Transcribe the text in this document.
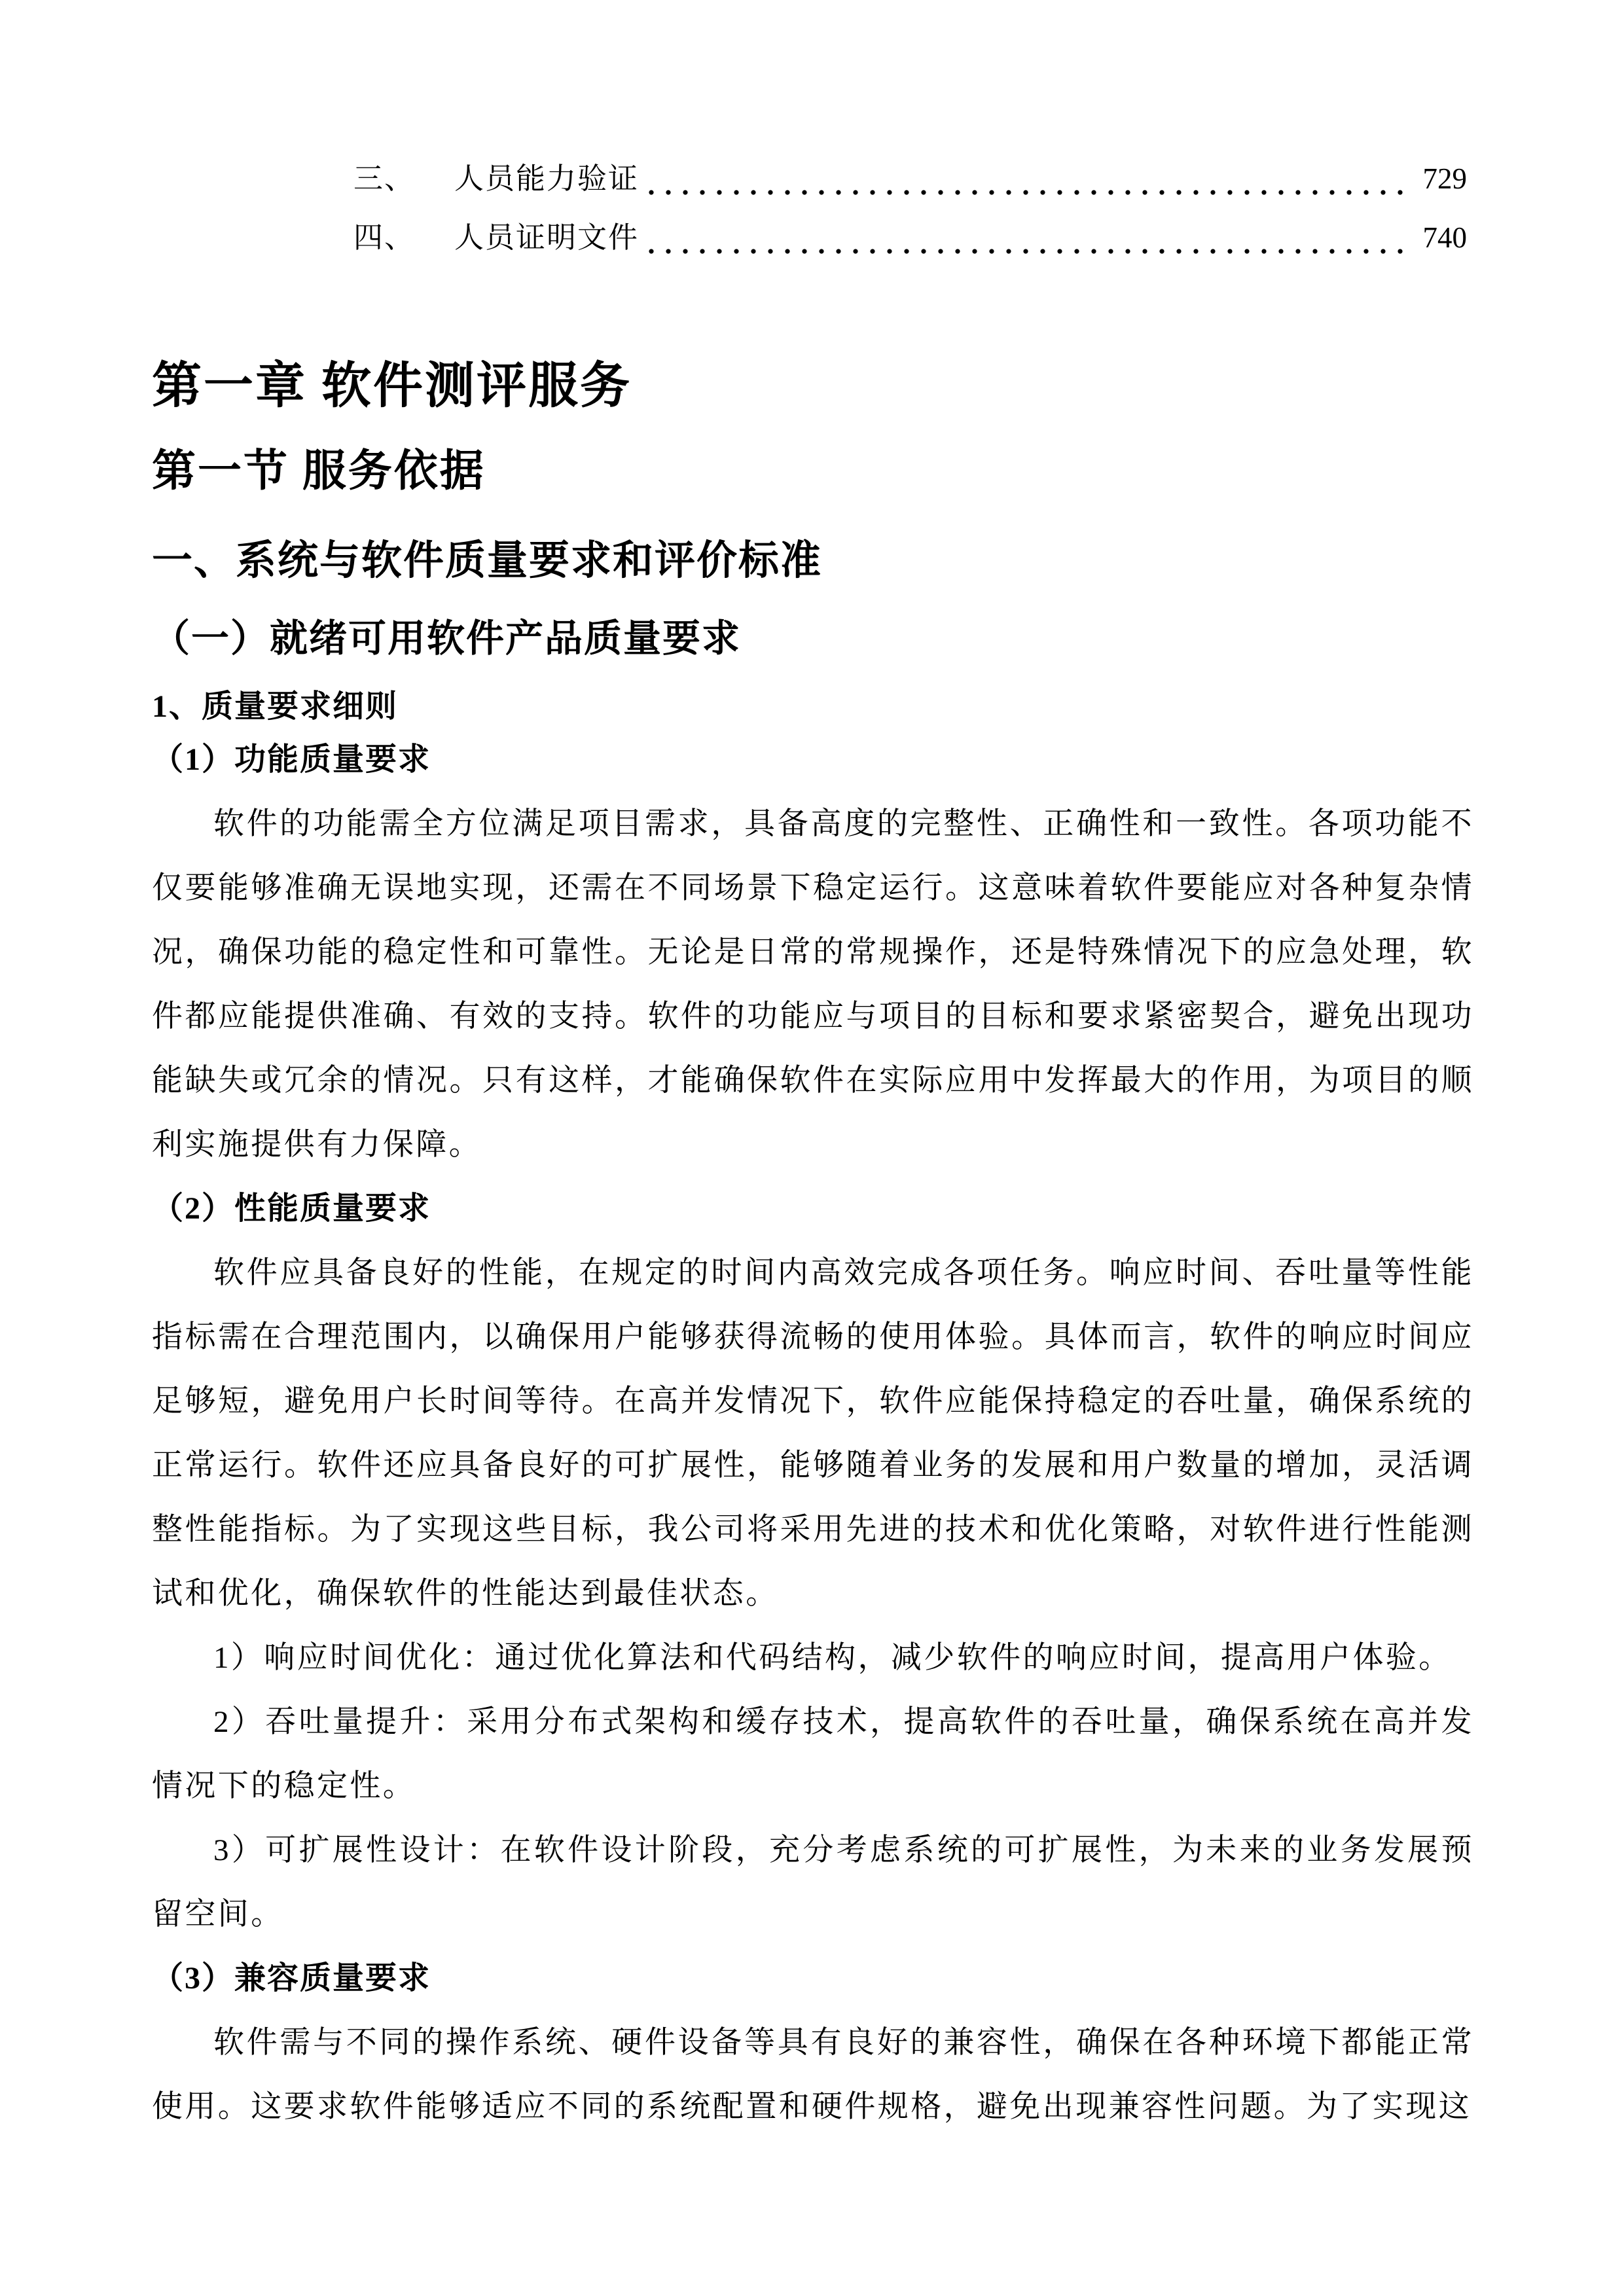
三、 人员能力验证	729
四、 人员证明文件	740
第一章 软件测评服务
第一节 服务依据
一、系统与软件质量要求和评价标准
（一）就绪可用软件产品质量要求
1、质量要求细则

（1）功能质量要求

软件的功能需全方位满足项目需求，具备高度的完整性、正确性和一致性。各项功能不仅要能够准确无误地实现，还需在不同场景下稳定运行。这意味着软件要能应对各种复杂情况，确保功能的稳定性和可靠性。无论是日常的常规操作，还是特殊情况下的应急处理，软件都应能提供准确、有效的支持。软件的功能应与项目的目标和要求紧密契合，避免出现功能缺失或冗余的情况。只有这样，才能确保软件在实际应用中发挥最大的作用，为项目的顺利实施提供有力保障。

（2）性能质量要求

软件应具备良好的性能，在规定的时间内高效完成各项任务。响应时间、吞吐量等性能指标需在合理范围内，以确保用户能够获得流畅的使用体验。具体而言，软件的响应时间应足够短，避免用户长时间等待。在高并发情况下，软件应能保持稳定的吞吐量，确保系统的正常运行。软件还应具备良好的可扩展性，能够随着业务的发展和用户数量的增加，灵活调整性能指标。为了实现这些目标，我公司将采用先进的技术和优化策略，对软件进行性能测试和优化，确保软件的性能达到最佳状态。

1）响应时间优化：通过优化算法和代码结构，减少软件的响应时间，提高用户体验。

2）吞吐量提升：采用分布式架构和缓存技术，提高软件的吞吐量，确保系统在高并发情况下的稳定性。

3）可扩展性设计：在软件设计阶段，充分考虑系统的可扩展性，为未来的业务发展预留空间。

（3）兼容质量要求

软件需与不同的操作系统、硬件设备等具有良好的兼容性，确保在各种环境下都能正常使用。这要求软件能够适应不同的系统配置和硬件规格，避免出现兼容性问题。为了实现这
